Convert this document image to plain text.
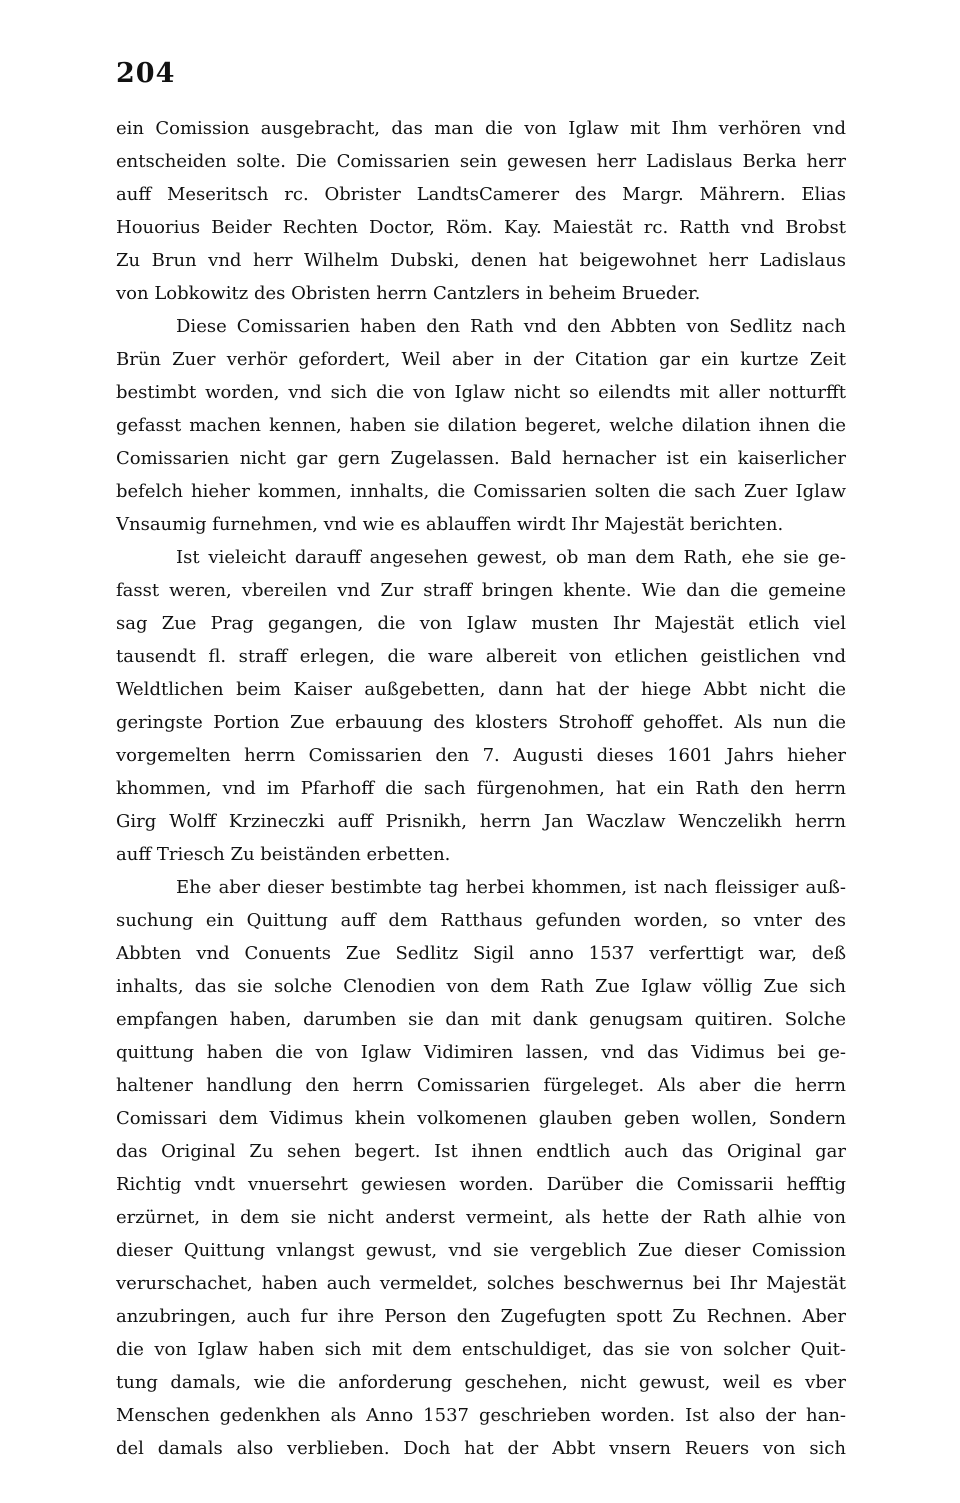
204
ein Comission ausgebracht, das man die von Iglaw mit Ihm verhören vnd
entscheiden solte. Die Comissarien sein gewesen herr Ladislaus Berka herr
auff Meseritsch rc. Obrister LandtsCamerer des Margr. Mährern. Elias
Houorius Beider Rechten Doctor, Röm. Kay. Maiestät rc. Ratth vnd Brobst
Zu Brun vnd herr Wilhelm Dubski, denen hat beigewohnet herr Ladislaus
von Lobkowitz des Obristen herrn Cantzlers in beheim Brueder.
Diese Comissarien haben den Rath vnd den Abbten von Sedlitz nach
Brün Zuer verhör gefordert, Weil aber in der Citation gar ein kurtze Zeit
bestimbt worden, vnd sich die von Iglaw nicht so eilendts mit aller notturfft
gefasst machen kennen, haben sie dilation begeret, welche dilation ihnen die
Comissarien nicht gar gern Zugelassen. Bald hernacher ist ein kaiserlicher
befelch hieher kommen, innhalts, die Comissarien solten die sach Zuer Iglaw
Vnsaumig furnehmen, vnd wie es ablauffen wirdt Ihr Majestät berichten.
Ist vieleicht darauff angesehen gewest, ob man dem Rath, ehe sie ge-
fasst weren, vbereilen vnd Zur straff bringen khente. Wie dan die gemeine
sag Zue Prag gegangen, die von Iglaw musten Ihr Majestät etlich viel
tausendt fl. straff erlegen, die ware albereit von etlichen geistlichen vnd
Weldtlichen beim Kaiser außgebetten, dann hat der hiege Abbt nicht die
geringste Portion Zue erbauung des klosters Strohoff gehoffet. Als nun die
vorgemelten herrn Comissarien den 7. Augusti dieses 1601 Jahrs hieher
khommen, vnd im Pfarhoff die sach fürgenohmen, hat ein Rath den herrn
Girg Wolff Krzineczki auff Prisnikh, herrn Jan Waczlaw Wenczelikh herrn
auff Triesch Zu beiständen erbetten.
Ehe aber dieser bestimbte tag herbei khommen, ist nach fleissiger auß-
suchung ein Quittung auff dem Ratthaus gefunden worden, so vnter des
Abbten vnd Conuents Zue Sedlitz Sigil anno 1537 verferttigt war, deß
inhalts, das sie solche Clenodien von dem Rath Zue Iglaw völlig Zue sich
empfangen haben, darumben sie dan mit dank genugsam quitiren. Solche
quittung haben die von Iglaw Vidimiren lassen, vnd das Vidimus bei ge-
haltener handlung den herrn Comissarien fürgeleget. Als aber die herrn
Comissari dem Vidimus khein volkomenen glauben geben wollen, Sondern
das Original Zu sehen begert. Ist ihnen endtlich auch das Original gar
Richtig vndt vnuersehrt gewiesen worden. Darüber die Comissarii hefftig
erzürnet, in dem sie nicht anderst vermeint, als hette der Rath alhie von
dieser Quittung vnlangst gewust, vnd sie vergeblich Zue dieser Comission
verurschachet, haben auch vermeldet, solches beschwernus bei Ihr Majestät
anzubringen, auch fur ihre Person den Zugefugten spott Zu Rechnen. Aber
die von Iglaw haben sich mit dem entschuldiget, das sie von solcher Quit-
tung damals, wie die anforderung geschehen, nicht gewust, weil es vber
Menschen gedenkhen als Anno 1537 geschrieben worden. Ist also der han-
del damals also verblieben. Doch hat der Abbt vnsern Reuers von sich
